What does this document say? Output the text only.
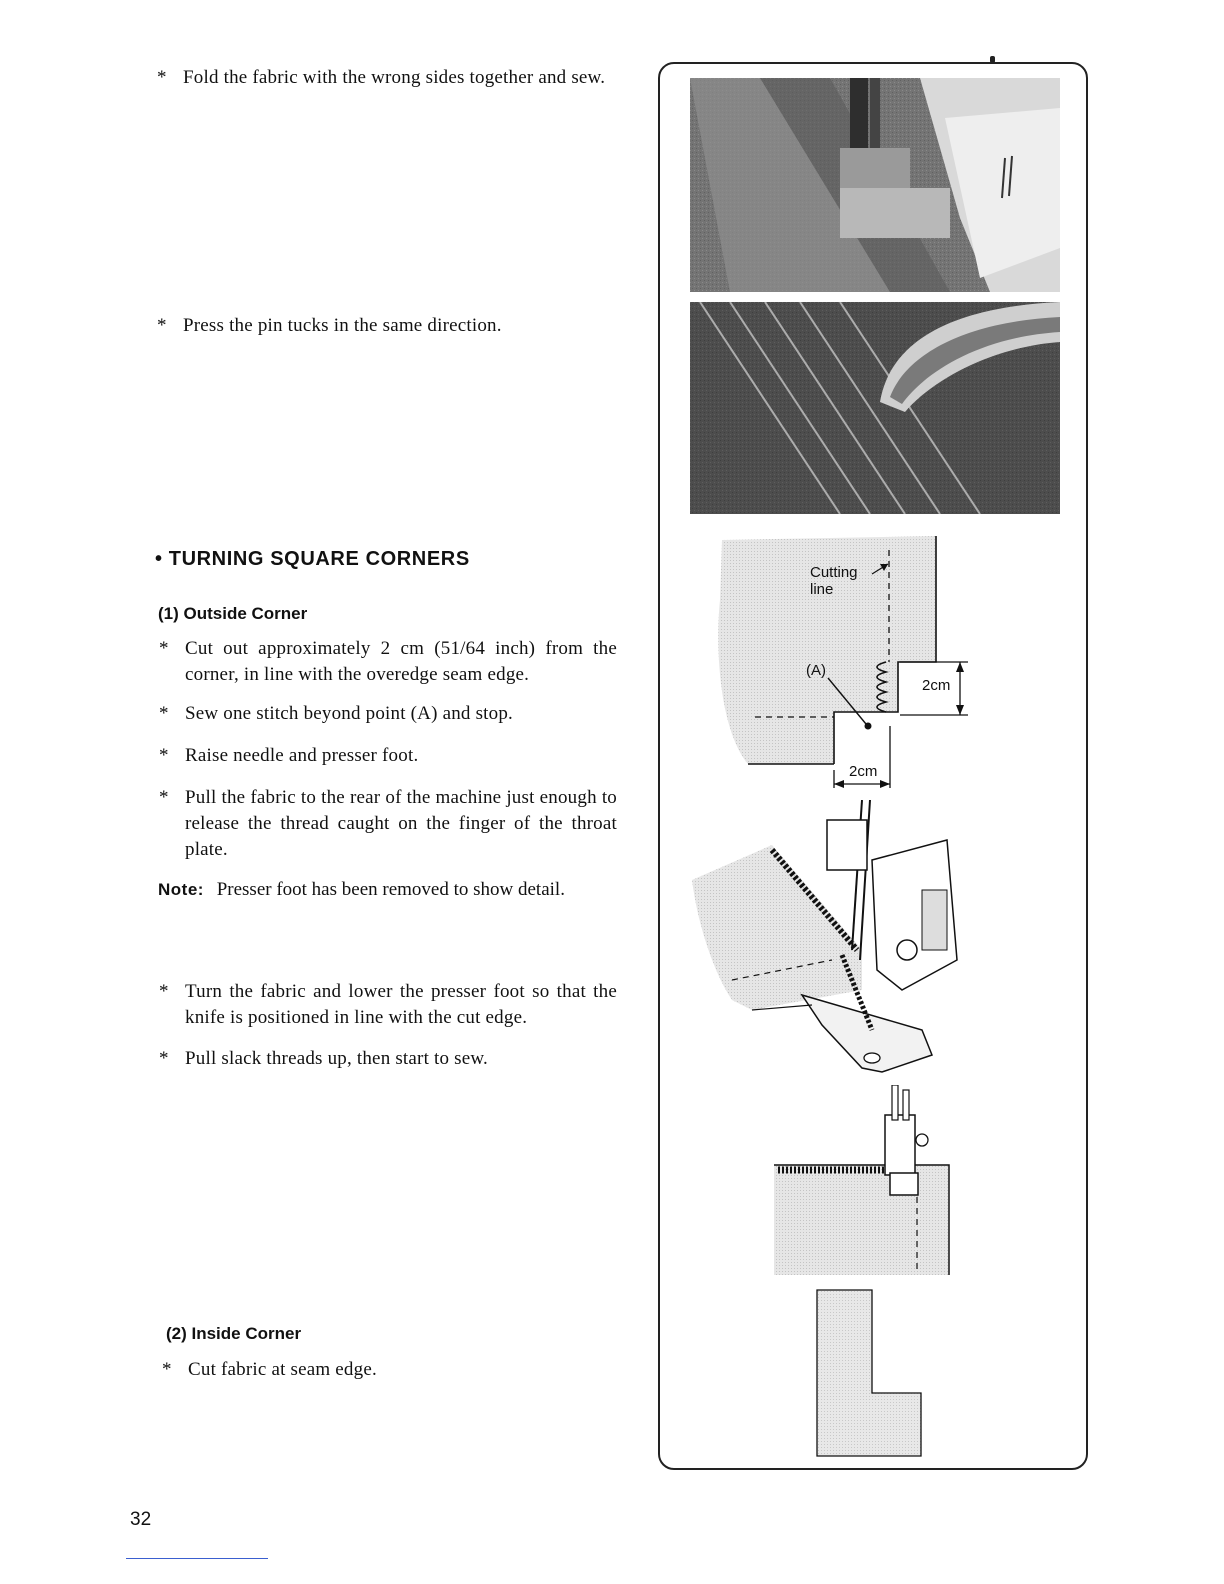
* Fold the fabric with the wrong sides together and sew.
* Press the pin tucks in the same direction.
• TURNING SQUARE CORNERS
(1) Outside Corner
* Cut out approximately 2 cm (51/64 inch) from the corner, in line with the overedge seam edge.
* Sew one stitch beyond point (A) and stop.
* Raise needle and presser foot.
* Pull the fabric to the rear of the machine just enough to release the thread caught on the finger of the throat plate.
Note: Presser foot has been removed to show detail.
* Turn the fabric and lower the presser foot so that the knife is positioned in line with the cut edge.
* Pull slack threads up, then start to sew.
(2) Inside Corner
* Cut fabric at seam edge.
32
Cutting
line
(A)
2cm
2cm
